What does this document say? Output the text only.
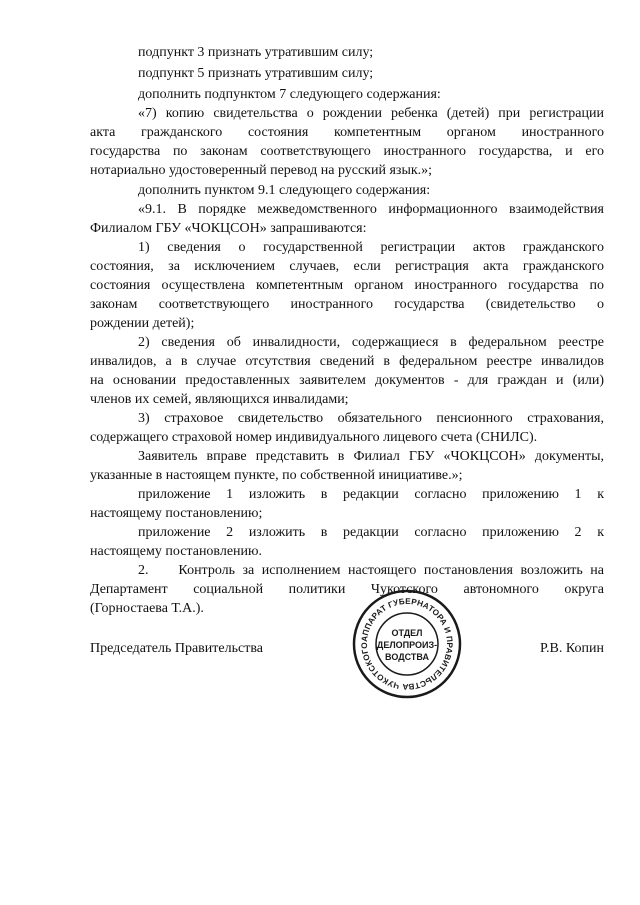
подпункт 3 признать утратившим силу;
подпункт 5 признать утратившим силу;
дополнить подпунктом 7 следующего содержания:
«7) копию свидетельства о рождении ребенка (детей) при регистрации
акта гражданского состояния компетентным органом иностранного
государства по законам соответствующего иностранного государства, и его
нотариально удостоверенный перевод на русский язык.»;
дополнить пунктом 9.1 следующего содержания:
«9.1. В порядке межведомственного информационного взаимодействия
Филиалом ГБУ «ЧОКЦСОН» запрашиваются:
1) сведения о государственной регистрации актов гражданского
состояния, за исключением случаев, если регистрация акта гражданского
состояния осуществлена компетентным органом иностранного государства по
законам соответствующего иностранного государства (свидетельство о
рождении детей);
2) сведения об инвалидности, содержащиеся в федеральном реестре
инвалидов, а в случае отсутствия сведений в федеральном реестре инвалидов
на основании предоставленных заявителем документов - для граждан и (или)
членов их семей, являющихся инвалидами;
3) страховое свидетельство обязательного пенсионного страхования,
содержащего страховой номер индивидуального лицевого счета (СНИЛС).
Заявитель вправе представить в Филиал ГБУ «ЧОКЦСОН» документы,
указанные в настоящем пункте, по собственной инициативе.»;
приложение 1 изложить в редакции согласно приложению 1 к
настоящему постановлению;
приложение 2 изложить в редакции согласно приложению 2 к
настоящему постановлению.
2.    Контроль за исполнением настоящего постановления возложить на
Департамент социальной политики Чукотского автономного округа
(Горностаева Т.А.).
Председатель Правительства
АППАРАТ ГУБЕРНАТОРА И ПРАВИТЕЛЬСТВА ЧУКОТСКОГО
ОТДЕЛ
ДЕЛОПРОИЗ-
ВОДСТВА
Р.В. Копин
